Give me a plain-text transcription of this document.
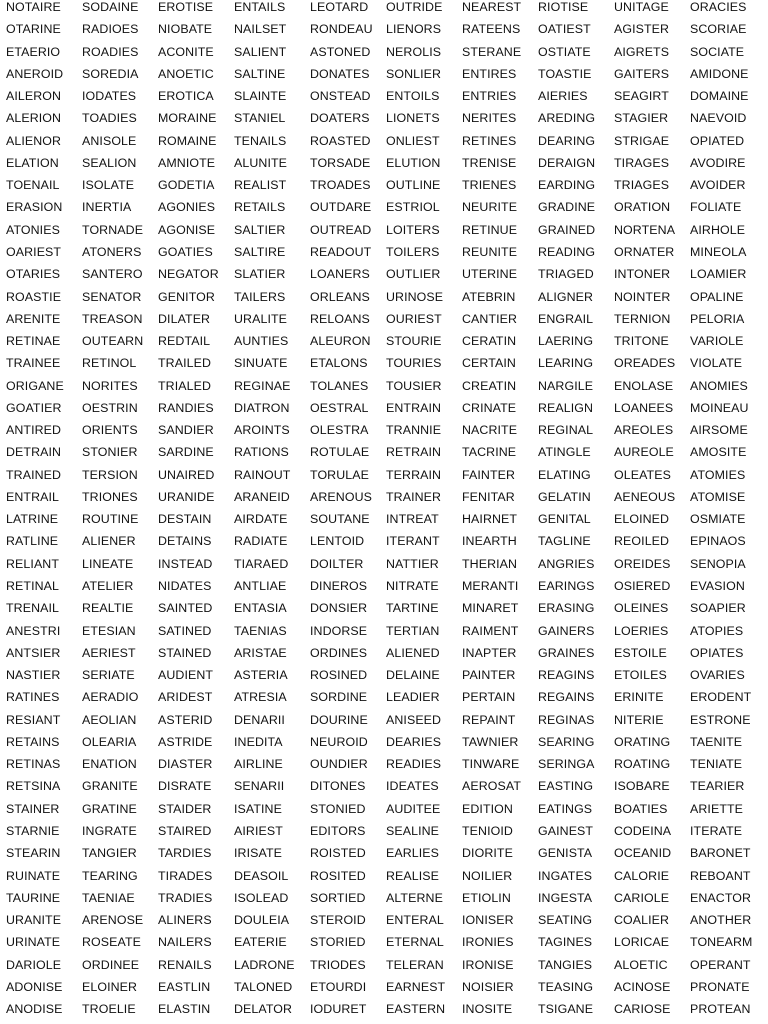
NOTAIRE
OTARINE
ETAERIO
ANEROID
AILERON
ALERION
ALIENOR
ELATION
TOENAIL
ERASION
ATONIES
OARIEST
OTARIES
ROASTIE
ARENITE
RETINAE
TRAINEE
ORIGANE
GOATIER
ANTIRED
DETRAIN
TRAINED
ENTRAIL
LATRINE
RATLINE
RELIANT
RETINAL
TRENAIL
ANESTRI
ANTSIER
NASTIER
RATINES
RESIANT
RETAINS
RETINAS
RETSINA
STAINER
STARNIE
STEARIN
RUINATE
TAURINE
URANITE
URINATE
DARIOLE
ADONISE
ANODISE
SODAINE
RADIOES
ROADIES
SOREDIA
IODATES
TOADIES
ANISOLE
SEALION
ISOLATE
INERTIA
TORNADE
ATONERS
SANTERO
SENATOR
TREASON
OUTEARN
RETINOL
NORITES
OESTRIN
ORIENTS
STONIER
TERSION
TRIONES
ROUTINE
ALIENER
LINEATE
ATELIER
REALTIE
ETESIAN
AERIEST
SERIATE
AERADIO
AEOLIAN
OLEARIA
ENATION
GRANITE
GRATINE
INGRATE
TANGIER
TEARING
TAENIAE
ARENOSE
ROSEATE
ORDINEE
ELOINER
TROELIE
EROTISE
NIOBATE
ACONITE
ANOETIC
EROTICA
MORAINE
ROMAINE
AMNIOTE
GODETIA
AGONIES
AGONISE
GOATIES
NEGATOR
GENITOR
DILATER
REDTAIL
TRAILED
TRIALED
RANDIES
SANDIER
SARDINE
UNAIRED
URANIDE
DESTAIN
DETAINS
INSTEAD
NIDATES
SAINTED
SATINED
STAINED
AUDIENT
ARIDEST
ASTERID
ASTRIDE
DIASTER
DISRATE
STAIDER
STAIRED
TARDIES
TIRADES
TRADIES
ALINERS
NAILERS
RENAILS
EASTLIN
ELASTIN
ENTAILS
NAILSET
SALIENT
SALTINE
SLAINTE
STANIEL
TENAILS
ALUNITE
REALIST
RETAILS
SALTIER
SALTIRE
SLATIER
TAILERS
URALITE
AUNTIES
SINUATE
REGINAE
DIATRON
AROINTS
RATIONS
RAINOUT
ARANEID
AIRDATE
RADIATE
TIARAED
ANTLIAE
ENTASIA
TAENIAS
ARISTAE
ASTERIA
ATRESIA
DENARII
INEDITA
AIRLINE
SENARII
ISATINE
AIRIEST
IRISATE
DEASOIL
ISOLEAD
DOULEIA
EATERIE
LADRONE
TALONED
DELATOR
LEOTARD
RONDEAU
ASTONED
DONATES
ONSTEAD
DOATERS
ROASTED
TORSADE
TROADES
OUTDARE
OUTREAD
READOUT
LOANERS
ORLEANS
RELOANS
ALEURON
ETALONS
TOLANES
OESTRAL
OLESTRA
ROTULAE
TORULAE
ARENOUS
SOUTANE
LENTOID
DOILTER
DINEROS
DONSIER
INDORSE
ORDINES
ROSINED
SORDINE
DOURINE
NEUROID
OUNDIER
DITONES
STONIED
EDITORS
ROISTED
ROSITED
SORTIED
STEROID
STORIED
TRIODES
ETOURDI
IODURET
OUTRIDE
LIENORS
NEROLIS
SONLIER
ENTOILS
LIONETS
ONLIEST
ELUTION
OUTLINE
ESTRIOL
LOITERS
TOILERS
OUTLIER
URINOSE
OURIEST
STOURIE
TOURIES
TOUSIER
ENTRAIN
TRANNIE
RETRAIN
TERRAIN
TRAINER
INTREAT
ITERANT
NATTIER
NITRATE
TARTINE
TERTIAN
ALIENED
DELAINE
LEADIER
ANISEED
DEARIES
READIES
IDEATES
AUDITEE
SEALINE
EARLIES
REALISE
ALTERNE
ENTERAL
ETERNAL
TELERAN
EARNEST
EASTERN
NEAREST
RATEENS
STERANE
ENTIRES
ENTRIES
NERITES
RETINES
TRENISE
TRIENES
NEURITE
RETINUE
REUNITE
UTERINE
ATEBRIN
CANTIER
CERATIN
CERTAIN
CREATIN
CRINATE
NACRITE
TACRINE
FAINTER
FENITAR
HAIRNET
INEARTH
THERIAN
MERANTI
MINARET
RAIMENT
INAPTER
PAINTER
PERTAIN
REPAINT
TAWNIER
TINWARE
AEROSAT
EDITION
TENIOID
DIORITE
NOILIER
ETIOLIN
IONISER
IRONIES
IRONISE
NOISIER
INOSITE
RIOTISE
OATIEST
OSTIATE
TOASTIE
AIERIES
AREDING
DEARING
DERAIGN
EARDING
GRADINE
GRAINED
READING
TRIAGED
ALIGNER
ENGRAIL
LAERING
LEARING
NARGILE
REALIGN
REGINAL
ATINGLE
ELATING
GELATIN
GENITAL
TAGLINE
ANGRIES
EARINGS
ERASING
GAINERS
GRAINES
REAGINS
REGAINS
REGINAS
SEARING
SERINGA
EASTING
EATINGS
GAINEST
GENISTA
INGATES
INGESTA
SEATING
TAGINES
TANGIES
TEASING
TSIGANE
UNITAGE
AGISTER
AIGRETS
GAITERS
SEAGIRT
STAGIER
STRIGAE
TIRAGES
TRIAGES
ORATION
NORTENA
ORNATER
INTONER
NOINTER
TERNION
TRITONE
OREADES
ENOLASE
LOANEES
AREOLES
AUREOLE
OLEATES
AENEOUS
ELOINED
REOILED
OREIDES
OSIERED
OLEINES
LOERIES
ESTOILE
ETOILES
ERINITE
NITERIE
ORATING
ROATING
ISOBARE
BOATIES
CODEINA
OCEANID
CALORIE
CARIOLE
COALIER
LORICAE
ALOETIC
ACINOSE
CARIOSE
ORACIES
SCORIAE
SOCIATE
AMIDONE
DOMAINE
NAEVOID
OPIATED
AVODIRE
AVOIDER
FOLIATE
AIRHOLE
MINEOLA
LOAMIER
OPALINE
PELORIA
VARIOLE
VIOLATE
ANOMIES
MOINEAU
AIRSOME
AMOSITE
ATOMIES
ATOMISE
OSMIATE
EPINAOS
SENOPIA
EVASION
SOAPIER
ATOPIES
OPIATES
OVARIES
ERODENT
ESTRONE
TAENITE
TENIATE
TEARIER
ARIETTE
ITERATE
BARONET
REBOANT
ENACTOR
ANOTHER
TONEARM
OPERANT
PRONATE
PROTEAN
